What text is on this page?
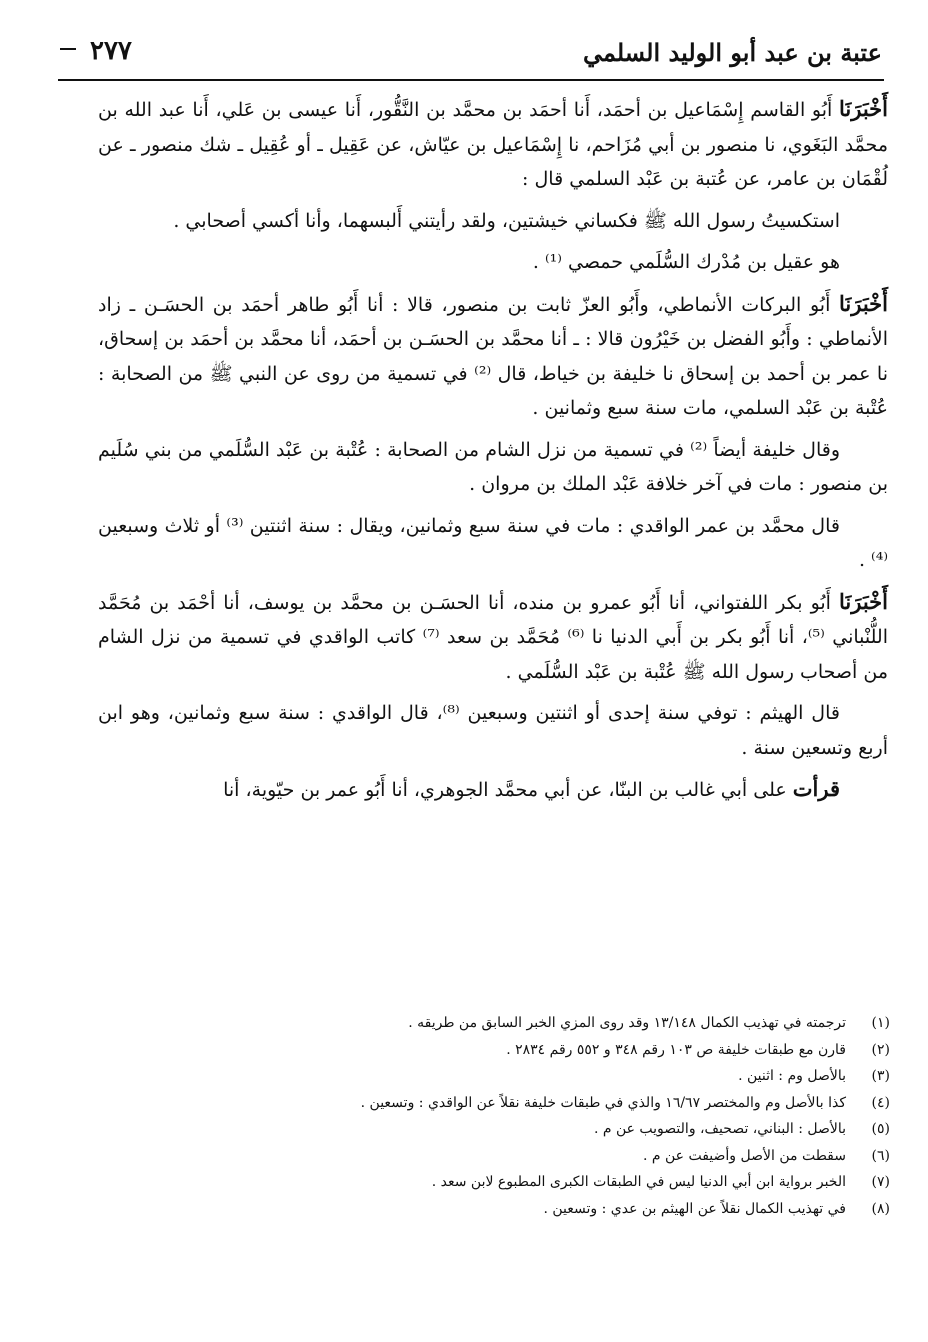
عتبة بن عبد أبو الوليد السلمي
٢٧٧

أَخْبَرَنَا أَبُو القاسم إِسْمَاعيل بن أحمَد، أَنا أحمَد بن محمَّد بن النَّقُّور، أَنا عيسى بن عَلي، أَنا عبد الله بن محمَّد البَغَوي، نا منصور بن أبي مُزَاحم، نا إِسْمَاعيل بن عيّاش، عن عَقِيل ـ أو عُقِيل ـ شك منصور ـ عن لُقْمَان بن عامر، عن عُتبة بن عَبْد السلمي قال :

استكسيتُ رسول الله ﷺ فكساني خيشتين، ولقد رأيتني أَلبسهما، وأنا أكسي أصحابي .

هو عقيل بن مُدْرك السُّلَمي حمصي ⁽¹⁾ .

أَخْبَرَنَا أَبُو البركات الأنماطي، وأَبُو العزّ ثابت بن منصور، قالا : أنا أَبُو طاهر أحمَد بن الحسَـن ـ زاد الأنماطي : وأَبُو الفضل بن خَيْرُون قالا : ـ أنا محمَّد بن الحسَـن بن أحمَد، أنا محمَّد بن أحمَد بن إسحاق، نا عمر بن أحمد بن إسحاق نا خليفة بن خياط، قال ⁽²⁾ في تسمية من روى عن النبي ﷺ من الصحابة : عُتْبة بن عَبْد السلمي، مات سنة سبع وثمانين .

وقال خليفة أيضاً ⁽²⁾ في تسمية من نزل الشام من الصحابة : عُتْبة بن عَبْد السُّلَمي من بني سُلَيم بن منصور : مات في آخر خلافة عَبْد الملك بن مروان .

قال محمَّد بن عمر الواقدي : مات في سنة سبع وثمانين، ويقال : سنة اثنتين ⁽³⁾ أو ثلاث وسبعين ⁽⁴⁾ .

أَخْبَرَنَا أَبُو بكر اللفتواني، أنا أَبُو عمرو بن منده، أنا الحسَـن بن محمَّد بن يوسف، أنا أحْمَد بن مُحَمَّد اللُّنْباني ⁽⁵⁾، أنا أَبُو بكر بن أَبي الدنيا نا ⁽⁶⁾ مُحَمَّد بن سعد ⁽⁷⁾ كاتب الواقدي في تسمية من نزل الشام من أصحاب رسول الله ﷺ عُتْبة بن عَبْد السُّلَمي .

قال الهيثم : توفي سنة إحدى أو اثنتين وسبعين ⁽⁸⁾، قال الواقدي : سنة سبع وثمانين، وهو ابن أربع وتسعين سنة .

قرأت على أبي غالب بن البنّا، عن أبي محمَّد الجوهري، أنا أَبُو عمر بن حيّوية، أنا

(١)
ترجمته في تهذيب الكمال ١٣/١٤٨ وقد روى المزي الخبر السابق من طريقه .
(٢)
قارن مع طبقات خليفة ص ١٠٣ رقم ٣٤٨ و ٥٥٢ رقم ٢٨٣٤ .
(٣)
بالأصل وم : اثنين .
(٤)
كذا بالأصل وم والمختصر ١٦/٦٧ والذي في طبقات خليفة نقلاً عن الواقدي : وتسعين .
(٥)
بالأصل : البناني، تصحيف، والتصويب عن م .
(٦)
سقطت من الأصل وأضيفت عن م .
(٧)
الخبر برواية ابن أبي الدنيا ليس في الطبقات الكبرى المطبوع لابن سعد .
(٨)
في تهذيب الكمال نقلاً عن الهيثم بن عدي : وتسعين .
